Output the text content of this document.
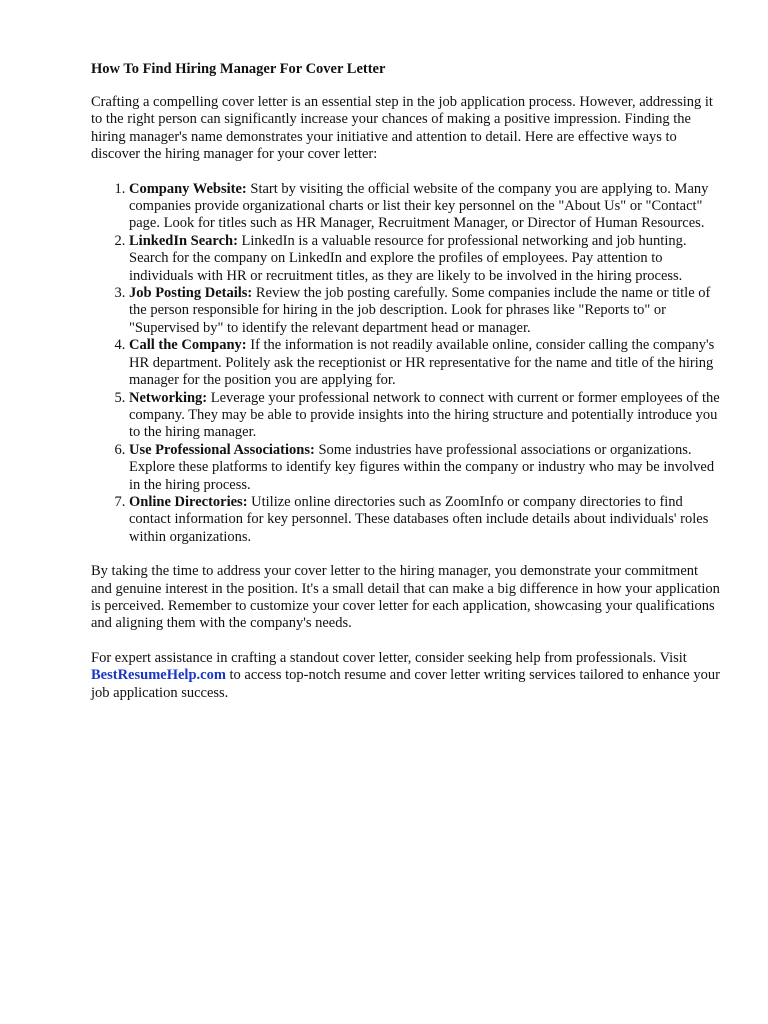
How To Find Hiring Manager For Cover Letter

Crafting a compelling cover letter is an essential step in the job application process. However, addressing it to the right person can significantly increase your chances of making a positive impression. Finding the hiring manager's name demonstrates your initiative and attention to detail. Here are effective ways to discover the hiring manager for your cover letter:

1. Company Website: Start by visiting the official website of the company you are applying to. Many companies provide organizational charts or list their key personnel on the "About Us" or "Contact" page. Look for titles such as HR Manager, Recruitment Manager, or Director of Human Resources.
2. LinkedIn Search: LinkedIn is a valuable resource for professional networking and job hunting. Search for the company on LinkedIn and explore the profiles of employees. Pay attention to individuals with HR or recruitment titles, as they are likely to be involved in the hiring process.
3. Job Posting Details: Review the job posting carefully. Some companies include the name or title of the person responsible for hiring in the job description. Look for phrases like "Reports to" or "Supervised by" to identify the relevant department head or manager.
4. Call the Company: If the information is not readily available online, consider calling the company's HR department. Politely ask the receptionist or HR representative for the name and title of the hiring manager for the position you are applying for.
5. Networking: Leverage your professional network to connect with current or former employees of the company. They may be able to provide insights into the hiring structure and potentially introduce you to the hiring manager.
6. Use Professional Associations: Some industries have professional associations or organizations. Explore these platforms to identify key figures within the company or industry who may be involved in the hiring process.
7. Online Directories: Utilize online directories such as ZoomInfo or company directories to find contact information for key personnel. These databases often include details about individuals' roles within organizations.

By taking the time to address your cover letter to the hiring manager, you demonstrate your commitment and genuine interest in the position. It's a small detail that can make a big difference in how your application is perceived. Remember to customize your cover letter for each application, showcasing your qualifications and aligning them with the company's needs.

For expert assistance in crafting a standout cover letter, consider seeking help from professionals. Visit BestResumeHelp.com to access top-notch resume and cover letter writing services tailored to enhance your job application success.
